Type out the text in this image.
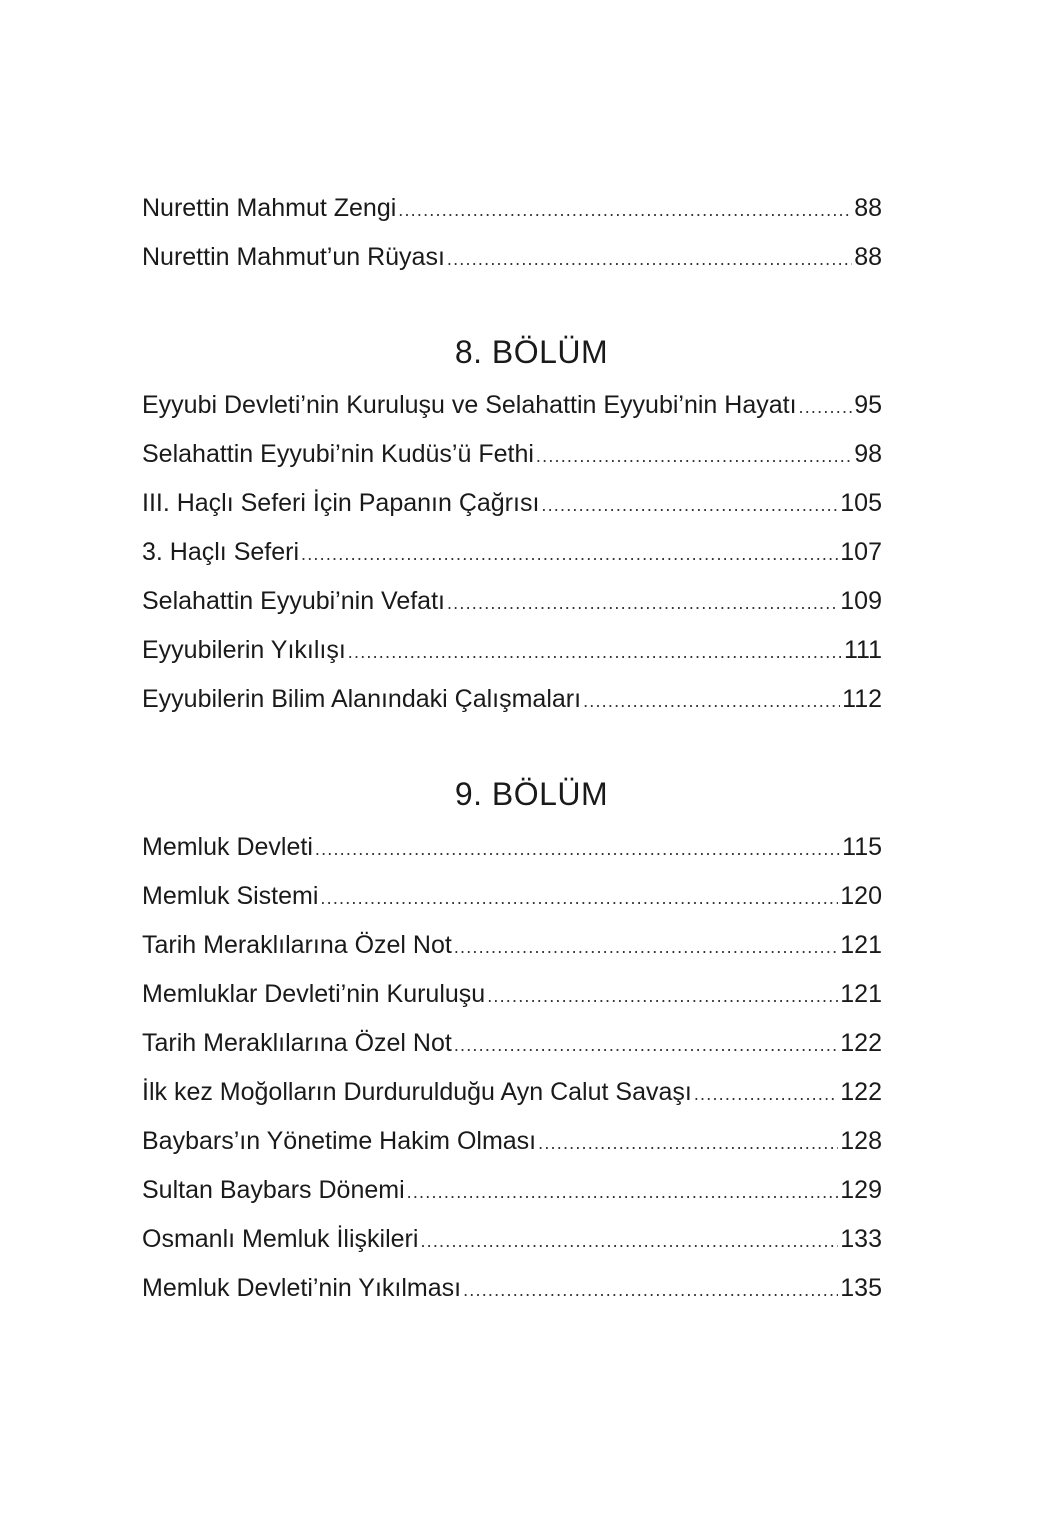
Nurettin Mahmut Zengi .....	88
Nurettin Mahmut’un Rüyası .....	88
8. BÖLÜM
Eyyubi Devleti’nin Kuruluşu ve Selahattin Eyyubi’nin Hayatı ..... 95
Selahattin Eyyubi’nin Kudüs’ü Fethi .....	98
III. Haçlı Seferi İçin Papanın Çağrısı .....	105
3. Haçlı Seferi .....	107
Selahattin Eyyubi’nin Vefatı .....	109
Eyyubilerin Yıkılışı .....	111
Eyyubilerin Bilim Alanındaki Çalışmaları .....	112
9. BÖLÜM
Memluk Devleti .....	115
Memluk Sistemi .....	120
Tarih Meraklılarına Özel Not .....	121
Memluklar Devleti’nin Kuruluşu .....	121
Tarih Meraklılarına Özel Not .....	122
İlk kez Moğolların Durdurulduğu Ayn Calut Savaşı .....	122
Baybars’ın Yönetime Hakim Olması .....	128
Sultan Baybars Dönemi .....	129
Osmanlı Memluk İlişkileri .....	133
Memluk Devleti’nin Yıkılması .....	135
